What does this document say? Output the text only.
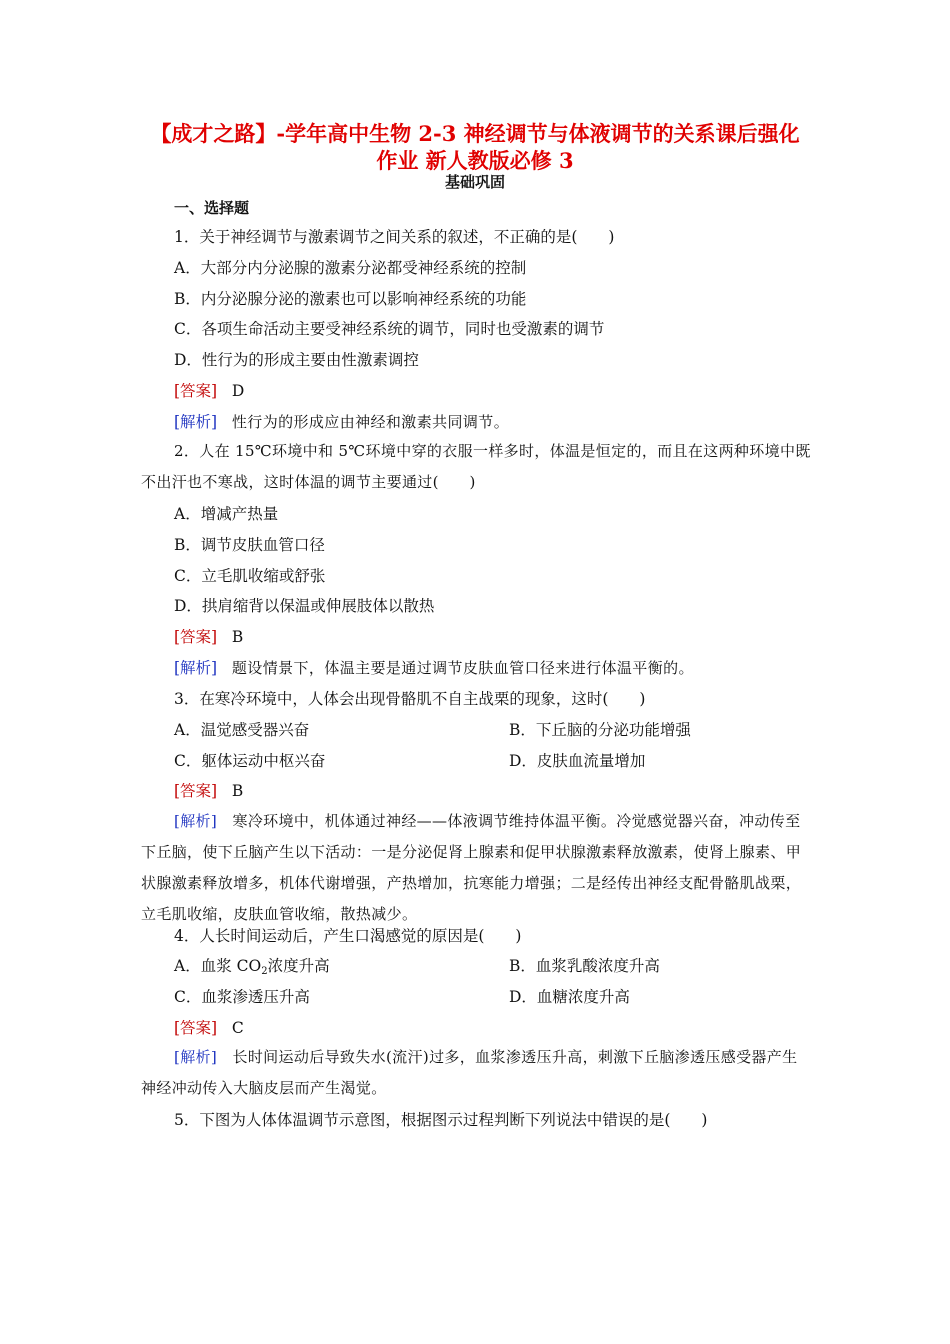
【成才之路】-学年高中生物 2-3 神经调节与体液调节的关系课后强化作业 新人教版必修 3
基础巩固
一、选择题
1．关于神经调节与激素调节之间关系的叙述，不正确的是(　　)
A．大部分内分泌腺的激素分泌都受神经系统的控制
B．内分泌腺分泌的激素也可以影响神经系统的功能
C．各项生命活动主要受神经系统的调节，同时也受激素的调节
D．性行为的形成主要由性激素调控
[答案] D
[解析] 性行为的形成应由神经和激素共同调节。
2．人在 15℃环境中和 5℃环境中穿的衣服一样多时，体温是恒定的，而且在这两种环境中既不出汗也不寒战，这时体温的调节主要通过(　　)
A．增减产热量
B．调节皮肤血管口径
C．立毛肌收缩或舒张
D．拱肩缩背以保温或伸展肢体以散热
[答案] B
[解析] 题设情景下，体温主要是通过调节皮肤血管口径来进行体温平衡的。
3．在寒冷环境中，人体会出现骨骼肌不自主战栗的现象，这时(　　)
A．温觉感受器兴奋	B．下丘脑的分泌功能增强
C．躯体运动中枢兴奋	D．皮肤血流量增加
[答案] B
[解析] 寒冷环境中，机体通过神经——体液调节维持体温平衡。冷觉感觉器兴奋，冲动传至下丘脑，使下丘脑产生以下活动：一是分泌促肾上腺素和促甲状腺激素释放激素，使肾上腺素、甲状腺激素释放增多，机体代谢增强，产热增加，抗寒能力增强；二是经传出神经支配骨骼肌战栗，立毛肌收缩，皮肤血管收缩，散热减少。
4．人长时间运动后，产生口渴感觉的原因是(　　)
A．血浆 $CO_2$浓度升高	B．血浆乳酸浓度升高
C．血浆渗透压升高	D．血糖浓度升高
[答案] C
[解析] 长时间运动后导致失水(流汗)过多，血浆渗透压升高，刺激下丘脑渗透压感受器产生神经冲动传入大脑皮层而产生渴觉。
5．下图为人体体温调节示意图，根据图示过程判断下列说法中错误的是(　　)
